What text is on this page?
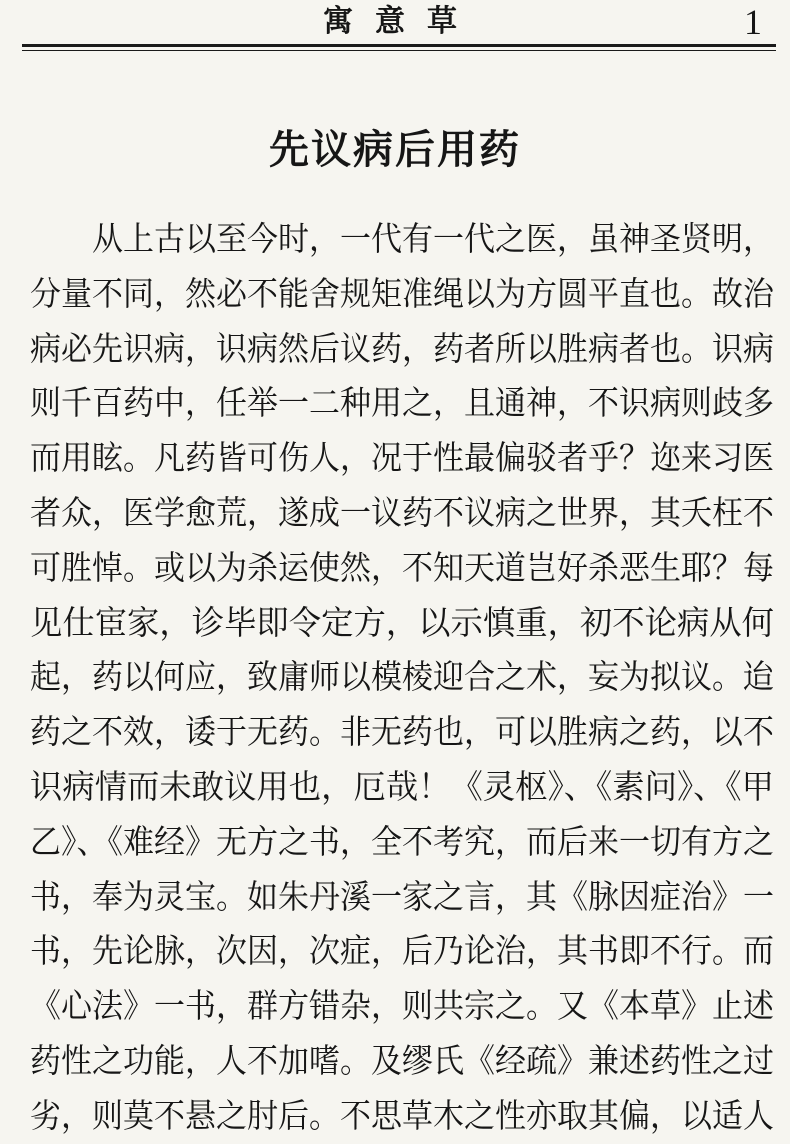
寓意草	1
先议病后用药
　　从上古以至今时，一代有一代之医，虽神圣贤明，
分量不同，然必不能舍规矩准绳以为方圆平直也。故治
病必先识病，识病然后议药，药者所以胜病者也。识病
则千百药中，任举一二种用之，且通神，不识病则歧多
而用眩。凡药皆可伤人，况于性最偏驳者乎？迩来习医
者众，医学愈荒，遂成一议药不议病之世界，其夭枉不
可胜悼。或以为杀运使然，不知天道岂好杀恶生耶？每
见仕宦家，诊毕即令定方，以示慎重，初不论病从何
起，药以何应，致庸师以模棱迎合之术，妄为拟议。迨
药之不效，诿于无药。非无药也，可以胜病之药，以不
识病情而未敢议用也，厄哉！《灵枢》、《素问》、《甲
乙》、《难经》无方之书，全不考究，而后来一切有方之
书，奉为灵宝。如朱丹溪一家之言，其《脉因症治》一
书，先论脉，次因，次症，后乃论治，其书即不行。而
《心法》一书，群方错杂，则共宗之。又《本草》止述
药性之功能，人不加嗜。及缪氏《经疏》兼述药性之过
劣，则莫不悬之肘后。不思草木之性亦取其偏，以适人
